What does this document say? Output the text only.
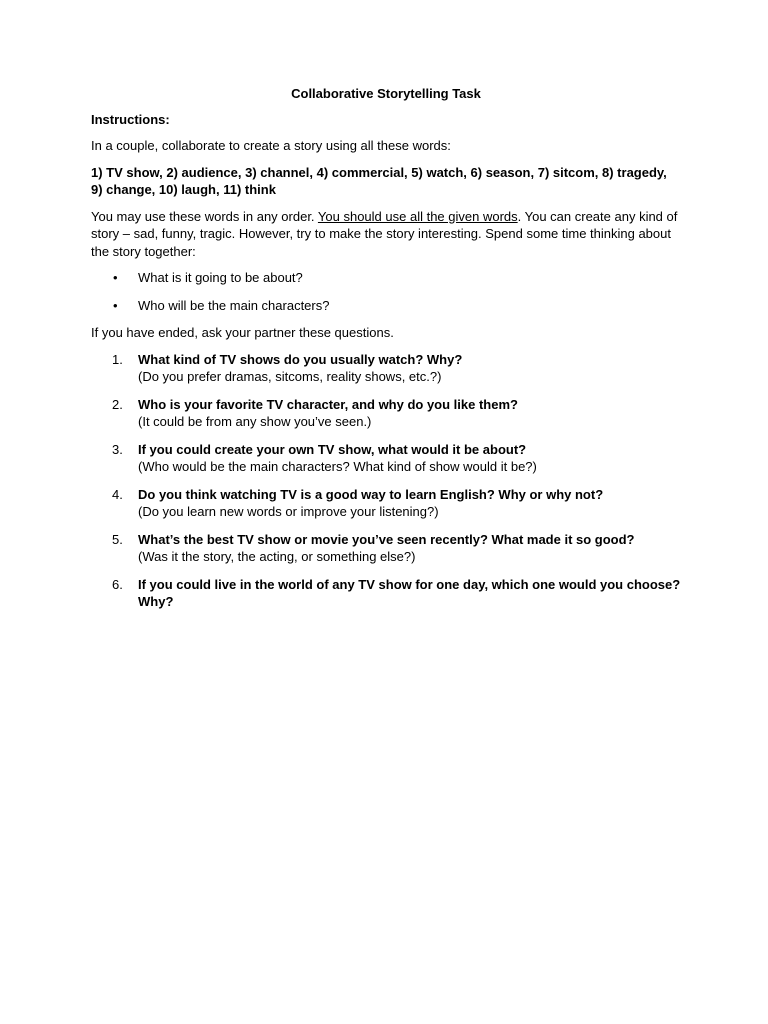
Collaborative Storytelling Task
Instructions:

In a couple, collaborate to create a story using all these words:

1) TV show, 2) audience, 3) channel, 4) commercial, 5) watch, 6) season, 7) sitcom, 8) tragedy,
9) change, 10) laugh, 11) think

You may use these words in any order. You should use all the given words. You can create any kind of story – sad, funny, tragic. However, try to make the story interesting. Spend some time thinking about the story together:

• What is it going to be about?
• Who will be the main characters?

If you have ended, ask your partner these questions.

1.	What kind of TV shows do you usually watch? Why?
(Do you prefer dramas, sitcoms, reality shows, etc.?)
2.	Who is your favorite TV character, and why do you like them?
(It could be from any show you’ve seen.)
3.	If you could create your own TV show, what would it be about?
(Who would be the main characters? What kind of show would it be?)
4.	Do you think watching TV is a good way to learn English? Why or why not?
(Do you learn new words or improve your listening?)
5.	What’s the best TV show or movie you’ve seen recently? What made it so good?
(Was it the story, the acting, or something else?)
6.	If you could live in the world of any TV show for one day, which one would you choose? Why?
